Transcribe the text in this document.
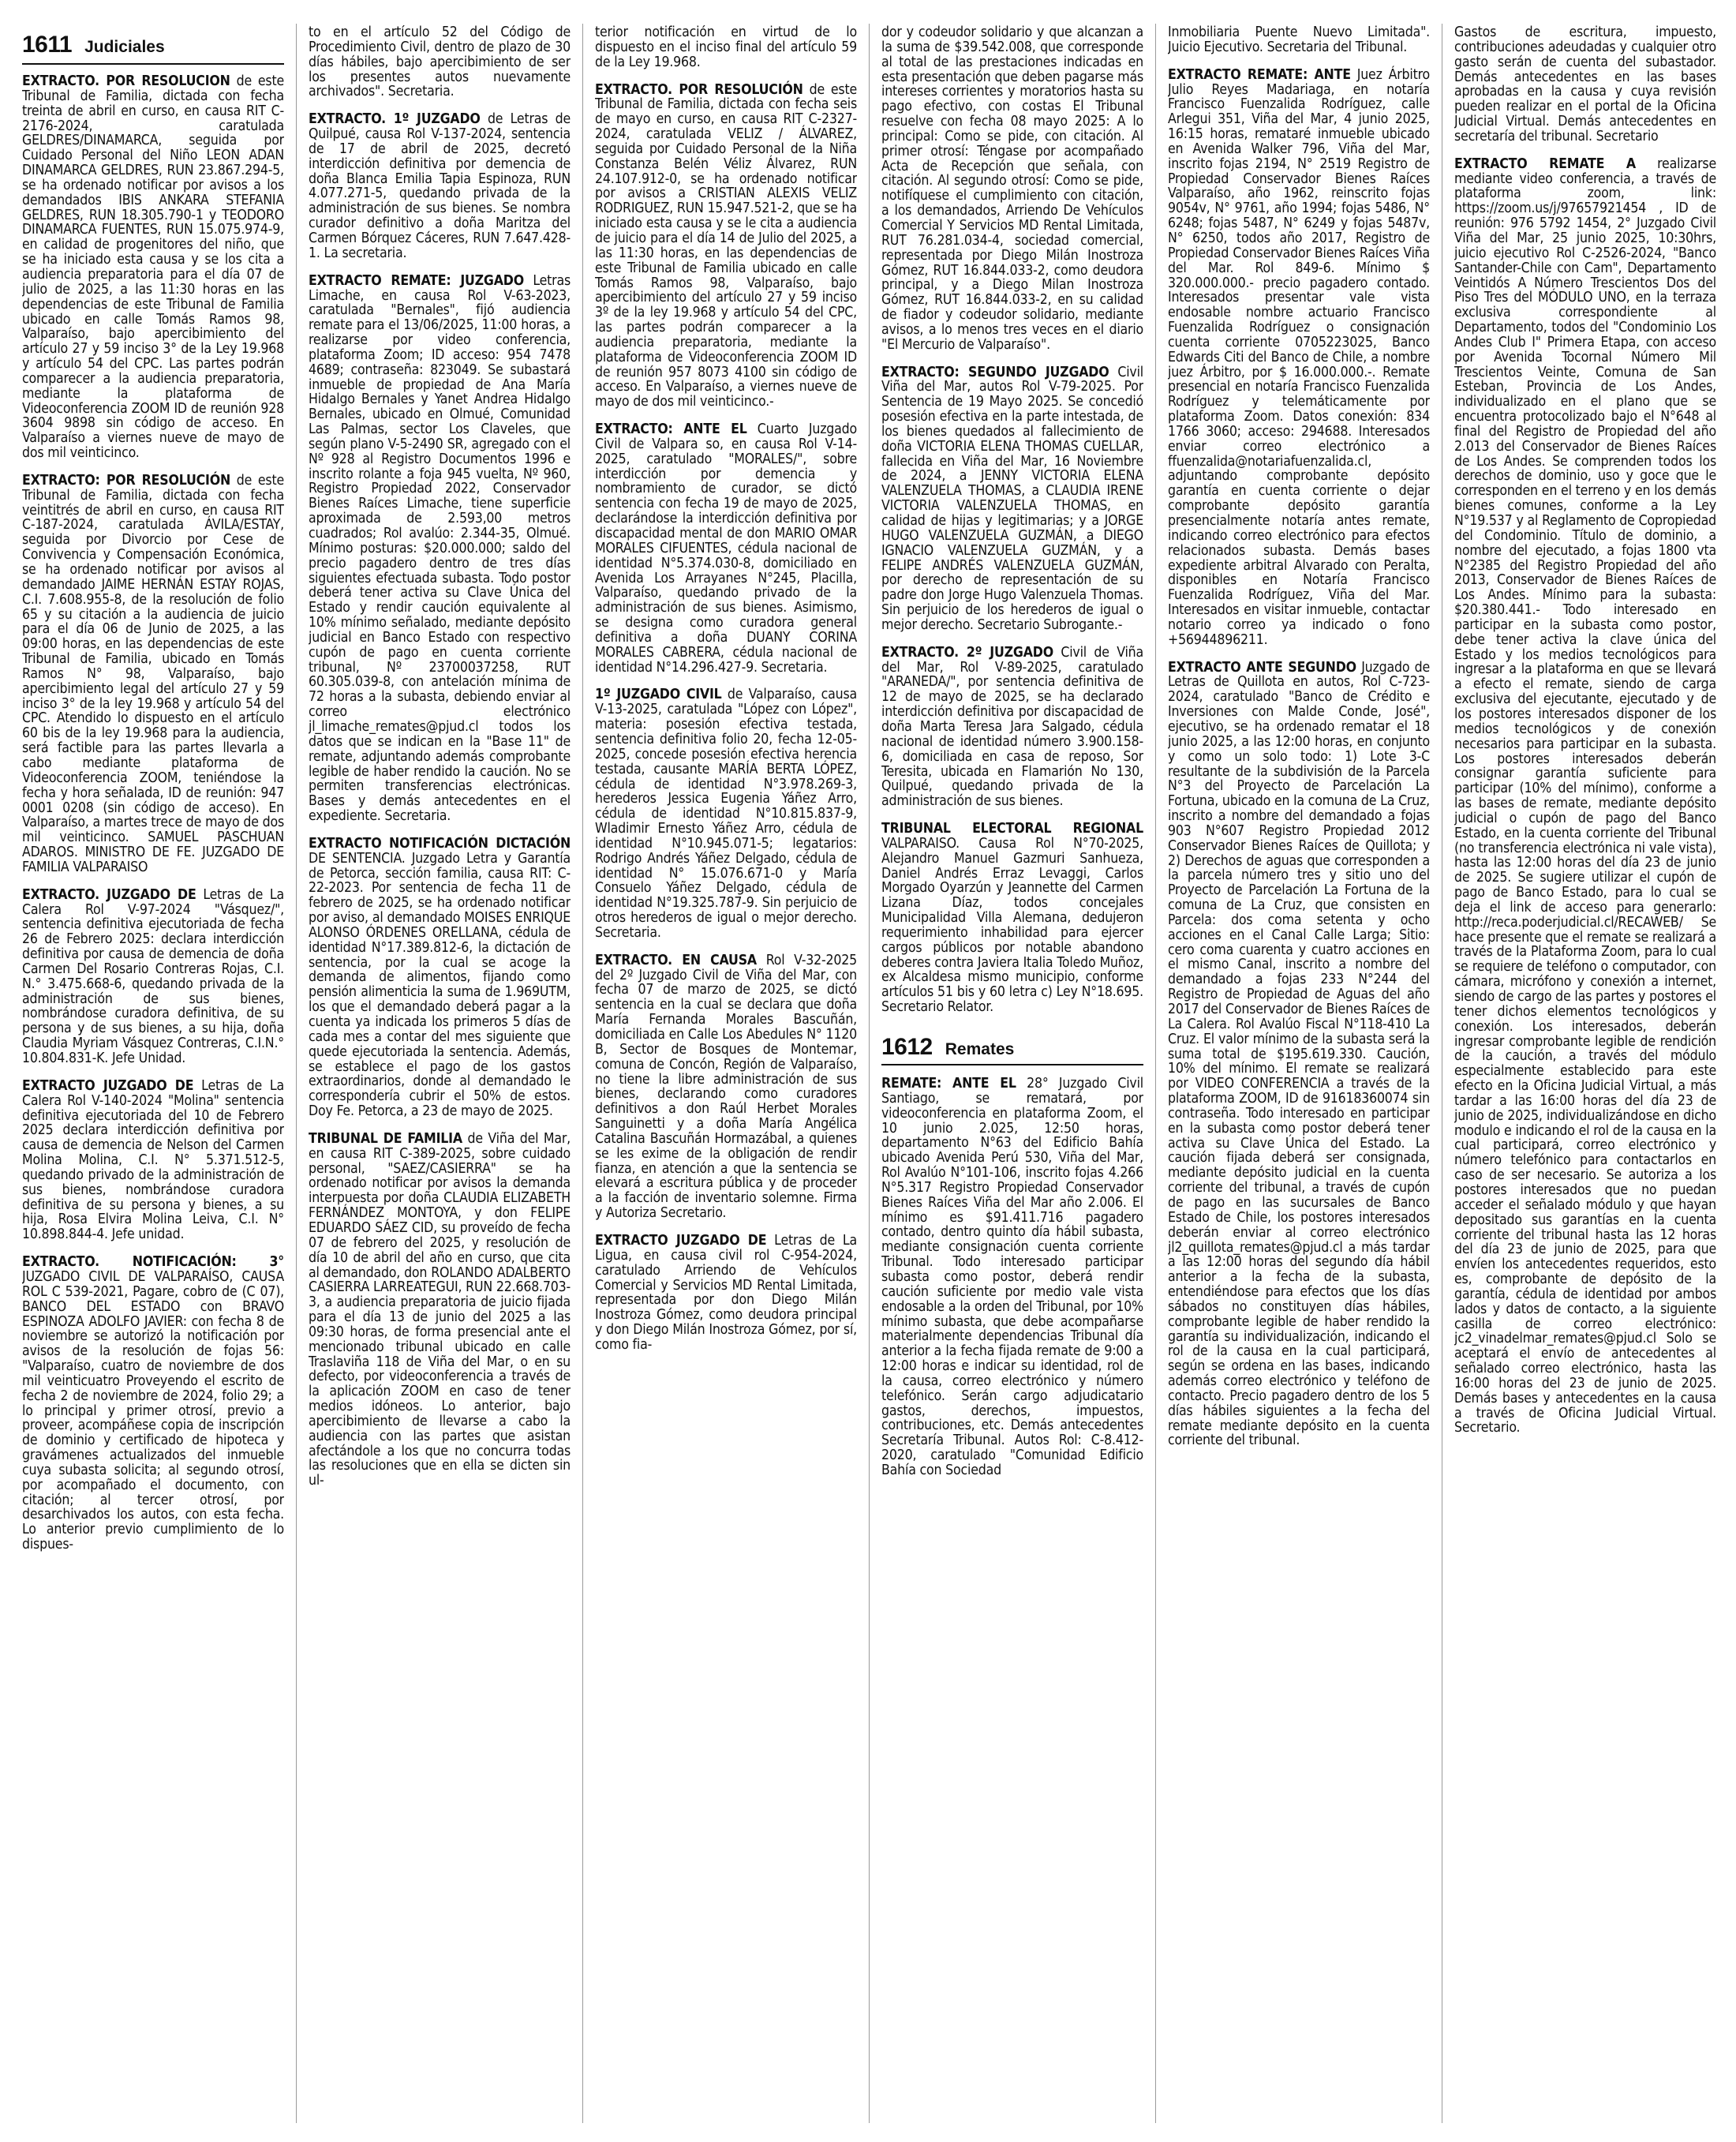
1611 Judiciales

EXTRACTO. POR RESOLUCIÓN de este Tribunal de Familia, dictada con fecha treinta de abril en curso, en causa RIT C-2176-2024, caratulada GELDRES/DINAMARCA, seguida por Cuidado Personal del Niño LEON ADAN DINAMARCA GELDRES, RUN 23.867.294-5, se ha ordenado notificar por avisos a los demandados IBIS ANKARA STEFANIA GELDRES, RUN 18.305.790-1 y TEODORO DINAMARCA FUENTES, RUN 15.075.974-9, en calidad de progenitores del niño, que se ha iniciado esta causa y se los cita a audiencia preparatoria para el día 07 de julio de 2025, a las 11:30 horas en las dependencias de este Tribunal de Familia ubicado en calle Tomás Ramos 98, Valparaíso, bajo apercibimiento del artículo 27 y 59 inciso 3° de la Ley 19.968 y artículo 54 del CPC. Las partes podrán comparecer a la audiencia preparatoria, mediante la plataforma de Videoconferencia ZOOM ID de reunión 928 3604 9898 sin código de acceso. En Valparaíso a viernes nueve de mayo de dos mil veinticinco.

EXTRACTO: POR RESOLUCIÓN de este Tribunal de Familia, dictada con fecha veintitrés de abril en curso, en causa RIT C-187-2024, caratulada ÁVILA/ESTAY, seguida por Divorcio por Cese de Convivencia y Compensación Económica, se ha ordenado notificar por avisos al demandado JAIME HERNÁN ESTAY ROJAS, C.I. 7.608.955-8, de la resolución de folio 65 y su citación a la audiencia de juicio para el día 06 de Junio de 2025, a las 09:00 horas, en las dependencias de este Tribunal de Familia, ubicado en Tomás Ramos N° 98, Valparaíso, bajo apercibimiento legal del artículo 27 y 59 inciso 3° de la ley 19.968 y artículo 54 del CPC. Atendido lo dispuesto en el artículo 60 bis de la ley 19.968 para la audiencia, será factible para las partes llevarla a cabo mediante plataforma de Videoconferencia ZOOM, teniéndose la fecha y hora señalada, ID de reunión: 947 0001 0208 (sin código de acceso). En Valparaíso, a martes trece de mayo de dos mil veinticinco. SAMUEL PASCHUAN ADAROS. MINISTRO DE FE. JUZGADO DE FAMILIA VALPARAISO

EXTRACTO. JUZGADO DE Letras de La Calera Rol V-97-2024 "Vásquez/", sentencia definitiva ejecutoriada de fecha 26 de Febrero 2025: declara interdicción definitiva por causa de demencia de doña Carmen Del Rosario Contreras Rojas, C.I. N.° 3.475.668-6, quedando privada de la administración de sus bienes, nombrándose curadora definitiva, de su persona y de sus bienes, a su hija, doña Claudia Myriam Vásquez Contreras, C.I.N.° 10.804.831-K. Jefe Unidad.

EXTRACTO JUZGADO DE Letras de La Calera Rol V-140-2024 "Molina" sentencia definitiva ejecutoriada del 10 de Febrero 2025 declara interdicción definitiva por causa de demencia de Nelson del Carmen Molina Molina, C.I. N° 5.371.512-5, quedando privado de la administración de sus bienes, nombrándose curadora definitiva de su persona y bienes, a su hija, Rosa Elvira Molina Leiva, C.I. N° 10.898.844-4. Jefe unidad.

EXTRACTO. NOTIFICACIÓN: 3° JUZGADO CIVIL DE VALPARAÍSO, CAUSA ROL C 539-2021, Pagare, cobro de (C 07), BANCO DEL ESTADO con BRAVO ESPINOZA ADOLFO JAVIER: con fecha 8 de noviembre se autorizó la notificación por avisos de la resolución de fojas 56: "Valparaíso, cuatro de noviembre de dos mil veinticuatro Proveyendo el escrito de fecha 2 de noviembre de 2024, folio 29; a lo principal y primer otrosí, previo a proveer, acompáñese copia de inscripción de dominio y certificado de hipoteca y gravámenes actualizados del inmueble cuya subasta solicita; al segundo otrosí, por acompañado el documento, con citación; al tercer otrosí, por desarchivados los autos, con esta fecha. Lo anterior previo cumplimiento de lo dispues-

to en el artículo 52 del Código de Procedimiento Civil, dentro de plazo de 30 días hábiles, bajo apercibimiento de ser los presentes autos nuevamente archivados". Secretaria.

EXTRACTO. 1º JUZGADO de Letras de Quilpué, causa Rol V-137-2024, sentencia de 17 de abril de 2025, decretó interdicción definitiva por demencia de doña Blanca Emilia Tapia Espinoza, RUN 4.077.271-5, quedando privada de la administración de sus bienes. Se nombra curador definitivo a doña Maritza del Carmen Bórquez Cáceres, RUN 7.647.428-1. La secretaria.

EXTRACTO REMATE: JUZGADO Letras Limache, en causa Rol V-63-2023, caratulada "Bernales", fijó audiencia remate para el 13/06/2025, 11:00 horas, a realizarse por video conferencia, plataforma Zoom; ID acceso: 954 7478 4689; contraseña: 823049. Se subastará inmueble de propiedad de Ana María Hidalgo Bernales y Yanet Andrea Hidalgo Bernales, ubicado en Olmué, Comunidad Las Palmas, sector Los Claveles, que según plano V-5-2490 SR, agregado con el Nº 928 al Registro Documentos 1996 e inscrito rolante a foja 945 vuelta, Nº 960, Registro Propiedad 2022, Conservador Bienes Raíces Limache, tiene superficie aproximada de 2.593,00 metros cuadrados; Rol avalúo: 2.344-35, Olmué. Mínimo posturas: $20.000.000; saldo del precio pagadero dentro de tres días siguientes efectuada subasta. Todo postor deberá tener activa su Clave Única del Estado y rendir caución equivalente al 10% mínimo señalado, mediante depósito judicial en Banco Estado con respectivo cupón de pago en cuenta corriente tribunal, Nº 23700037258, RUT 60.305.039-8, con antelación mínima de 72 horas a la subasta, debiendo enviar al correo electrónico jl_limache_remates@pjud.cl todos los datos que se indican en la "Base 11" de remate, adjuntando además comprobante legible de haber rendido la caución. No se permiten transferencias electrónicas. Bases y demás antecedentes en el expediente. Secretaria.

EXTRACTO NOTIFICACIÓN DICTACIÓN DE SENTENCIA. Juzgado Letra y Garantía de Petorca, sección familia, causa RIT: C-22-2023. Por sentencia de fecha 11 de febrero de 2025, se ha ordenado notificar por aviso, al demandado MOISES ENRIQUE ALONSO ÓRDENES ORELLANA, cédula de identidad N°17.389.812-6, la dictación de sentencia, por la cual se acoge la demanda de alimentos, fijando como pensión alimenticia la suma de 1.969UTM, los que el demandado deberá pagar a la cuenta ya indicada los primeros 5 días de cada mes a contar del mes siguiente que quede ejecutoriada la sentencia. Además, se establece el pago de los gastos extraordinarios, donde al demandado le correspondería cubrir el 50% de estos. Doy Fe. Petorca, a 23 de mayo de 2025.

TRIBUNAL DE FAMILIA de Viña del Mar, en causa RIT C-389-2025, sobre cuidado personal, "SAEZ/CASIERRA" se ha ordenado notificar por avisos la demanda interpuesta por doña CLAUDIA ELIZABETH FERNÁNDEZ MONTOYA, y don FELIPE EDUARDO SÁEZ CID, su proveído de fecha 07 de febrero del 2025, y resolución de día 10 de abril del año en curso, que cita al demandado, don ROLANDO ADALBERTO CASIERRA LARREATEGUI, RUN 22.668.703-3, a audiencia preparatoria de juicio fijada para el día 13 de junio del 2025 a las 09:30 horas, de forma presencial ante el mencionado tribunal ubicado en calle Traslaviña 118 de Viña del Mar, o en su defecto, por videoconferencia a través de la aplicación ZOOM en caso de tener medios idóneos. Lo anterior, bajo apercibimiento de llevarse a cabo la audiencia con las partes que asistan afectándole a los que no concurra todas las resoluciones que en ella se dicten sin ul-

terior notificación en virtud de lo dispuesto en el inciso final del artículo 59 de la Ley 19.968.

EXTRACTO. POR RESOLUCIÓN de este Tribunal de Familia, dictada con fecha seis de mayo en curso, en causa RIT C-2327-2024, caratulada VELIZ / ÁLVAREZ, seguida por Cuidado Personal de la Niña Constanza Belén Véliz Álvarez, RUN 24.107.912-0, se ha ordenado notificar por avisos a CRISTIAN ALEXIS VELIZ RODRIGUEZ, RUN 15.947.521-2, que se ha iniciado esta causa y se le cita a audiencia de juicio para el día 14 de Julio del 2025, a las 11:30 horas, en las dependencias de este Tribunal de Familia ubicado en calle Tomás Ramos 98, Valparaíso, bajo apercibimiento del artículo 27 y 59 inciso 3º de la ley 19.968 y artículo 54 del CPC, las partes podrán comparecer a la audiencia preparatoria, mediante la plataforma de Videoconferencia ZOOM ID de reunión 957 8073 4100 sin código de acceso. En Valparaíso, a viernes nueve de mayo de dos mil veinticinco.-

EXTRACTO: ANTE EL Cuarto Juzgado Civil de Valpara so, en causa Rol V-14-2025, caratulado "MORALES/", sobre interdicción por demencia y nombramiento de curador, se dictó sentencia con fecha 19 de mayo de 2025, declarándose la interdicción definitiva por discapacidad mental de don MARIO OMAR MORALES CIFUENTES, cédula nacional de identidad N°5.374.030-8, domiciliado en Avenida Los Arrayanes N°245, Placilla, Valparaíso, quedando privado de la administración de sus bienes. Asimismo, se designa como curadora general definitiva a doña DUANY CORINA MORALES CABRERA, cédula nacional de identidad N°14.296.427-9. Secretaria.

1º JUZGADO CIVIL de Valparaíso, causa V-13-2025, caratulada "López con López", materia: posesión efectiva testada, sentencia definitiva folio 20, fecha 12-05-2025, concede posesión efectiva herencia testada, causante MARÍA BERTA LÓPEZ, cédula de identidad N°3.978.269-3, herederos Jessica Eugenia Yáñez Arro, cédula de identidad N°10.815.837-9, Wladimir Ernesto Yáñez Arro, cédula de identidad N°10.945.071-5; legatarios: Rodrigo Andrés Yáñez Delgado, cédula de identidad N° 15.076.671-0 y María Consuelo Yáñez Delgado, cédula de identidad N°19.325.787-9. Sin perjuicio de otros herederos de igual o mejor derecho. Secretaria.

EXTRACTO. EN CAUSA Rol V-32-2025 del 2º Juzgado Civil de Viña del Mar, con fecha 07 de marzo de 2025, se dictó sentencia en la cual se declara que doña María Fernanda Morales Bascuñán, domiciliada en Calle Los Abedules N° 1120 B, Sector de Bosques de Montemar, comuna de Concón, Región de Valparaíso, no tiene la libre administración de sus bienes, declarando como curadores definitivos a don Raúl Herbet Morales Sanguinetti y a doña María Angélica Catalina Bascuñán Hormazábal, a quienes se les exime de la obligación de rendir fianza, en atención a que la sentencia se elevará a escritura pública y de proceder a la facción de inventario solemne. Firma y Autoriza Secretario.

EXTRACTO JUZGADO DE Letras de La Ligua, en causa civil rol C-954-2024, caratulado Arriendo de Vehículos Comercial y Servicios MD Rental Limitada, representada por don Diego Milán Inostroza Gómez, como deudora principal y don Diego Milán Inostroza Gómez, por sí, como fia-

dor y codeudor solidario y que alcanzan a la suma de $39.542.008, que corresponde al total de las prestaciones indicadas en esta presentación que deben pagarse más intereses corrientes y moratorios hasta su pago efectivo, con costas El Tribunal resuelve con fecha 08 mayo 2025: A lo principal: Como se pide, con citación. Al primer otrosí: Téngase por acompañado Acta de Recepción que señala, con citación. Al segundo otrosí: Como se pide, notifíquese el cumplimiento con citación, a los demandados, Arriendo De Vehículos Comercial Y Servicios MD Rental Limitada, RUT 76.281.034-4, sociedad comercial, representada por Diego Milán Inostroza Gómez, RUT 16.844.033-2, como deudora principal, y a Diego Milan Inostroza Gómez, RUT 16.844.033-2, en su calidad de fiador y codeudor solidario, mediante avisos, a lo menos tres veces en el diario "El Mercurio de Valparaíso".

EXTRACTO: SEGUNDO JUZGADO Civil Viña del Mar, autos Rol V-79-2025. Por Sentencia de 19 Mayo 2025. Se concedió posesión efectiva en la parte intestada, de los bienes quedados al fallecimiento de doña VICTORIA ELENA THOMAS CUELLAR, fallecida en Viña del Mar, 16 Noviembre de 2024, a JENNY VICTORIA ELENA VALENZUELA THOMAS, a CLAUDIA IRENE VICTORIA VALENZUELA THOMAS, en calidad de hijas y legitimarias; y a JORGE HUGO VALENZUELA GUZMÁN, a DIEGO IGNACIO VALENZUELA GUZMÁN, y a FELIPE ANDRÉS VALENZUELA GUZMÁN, por derecho de representación de su padre don Jorge Hugo Valenzuela Thomas. Sin perjuicio de los herederos de igual o mejor derecho. Secretario Subrogante.-

EXTRACTO. 2º JUZGADO Civil de Viña del Mar, Rol V-89-2025, caratulado "ARANEDA/", por sentencia definitiva de 12 de mayo de 2025, se ha declarado interdicción definitiva por discapacidad de doña Marta Teresa Jara Salgado, cédula nacional de identidad número 3.900.158-6, domiciliada en casa de reposo, Sor Teresita, ubicada en Flamarión No 130, Quilpué, quedando privada de la administración de sus bienes.

TRIBUNAL ELECTORAL REGIONAL VALPARAISO. Causa Rol N°70-2025, Alejandro Manuel Gazmuri Sanhueza, Daniel Andrés Erraz Levaggi, Carlos Morgado Oyarzún y Jeannette del Carmen Lizana Díaz, todos concejales Municipalidad Villa Alemana, dedujeron requerimiento inhabilidad para ejercer cargos públicos por notable abandono deberes contra Javiera Italia Toledo Muñoz, ex Alcaldesa mismo municipio, conforme artículos 51 bis y 60 letra c) Ley N°18.695. Secretario Relator.

1612 Remates

REMATE: ANTE EL 28° Juzgado Civil Santiago, se rematará, por videoconferencia en plataforma Zoom, el 10 junio 2.025, 12:50 horas, departamento N°63 del Edificio Bahía ubicado Avenida Perú 530, Viña del Mar, Rol Avalúo N°101-106, inscrito fojas 4.266 N°5.317 Registro Propiedad Conservador Bienes Raíces Viña del Mar año 2.006. El mínimo es $91.411.716 pagadero contado, dentro quinto día hábil subasta, mediante consignación cuenta corriente Tribunal. Todo interesado participar subasta como postor, deberá rendir caución suficiente por medio vale vista endosable a la orden del Tribunal, por 10% mínimo subasta, que debe acompañarse materialmente dependencias Tribunal día anterior a la fecha fijada remate de 9:00 a 12:00 horas e indicar su identidad, rol de la causa, correo electrónico y número telefónico. Serán cargo adjudicatario gastos, derechos, impuestos, contribuciones, etc. Demás antecedentes Secretaría Tribunal. Autos Rol: C-8.412-2020, caratulado "Comunidad Edificio Bahía con Sociedad

Inmobiliaria Puente Nuevo Limitada". Juicio Ejecutivo. Secretaria del Tribunal.

EXTRACTO REMATE: ANTE Juez Árbitro Julio Reyes Madariaga, en notaría Francisco Fuenzalida Rodríguez, calle Arlegui 351, Viña del Mar, 4 junio 2025, 16:15 horas, remataré inmueble ubicado en Avenida Walker 796, Viña del Mar, inscrito fojas 2194, N° 2519 Registro de Propiedad Conservador Bienes Raíces Valparaíso, año 1962, reinscrito fojas 9054v, N° 9761, año 1994; fojas 5486, N° 6248; fojas 5487, N° 6249 y fojas 5487v, N° 6250, todos año 2017, Registro de Propiedad Conservador Bienes Raíces Viña del Mar. Rol 849-6. Mínimo $ 320.000.000.- precio pagadero contado. Interesados presentar vale vista endosable nombre actuario Francisco Fuenzalida Rodríguez o consignación cuenta corriente 0705223025, Banco Edwards Citi del Banco de Chile, a nombre juez Árbitro, por $ 16.000.000.-. Remate presencial en notaría Francisco Fuenzalida Rodríguez y telemáticamente por plataforma Zoom. Datos conexión: 834 1766 3060; acceso: 294688. Interesados enviar correo electrónico a ffuenzalida@notariafuenzalida.cl, adjuntando comprobante depósito garantía en cuenta corriente o dejar comprobante depósito garantía presencialmente notaría antes remate, indicando correo electrónico para efectos relacionados subasta. Demás bases expediente arbitral Alvarado con Peralta, disponibles en Notaría Francisco Fuenzalida Rodríguez, Viña del Mar. Interesados en visitar inmueble, contactar notario correo ya indicado o fono +56944896211.

EXTRACTO ANTE SEGUNDO Juzgado de Letras de Quillota en autos, Rol C-723-2024, caratulado "Banco de Crédito e Inversiones con Malde Conde, José", ejecutivo, se ha ordenado rematar el 18 junio 2025, a las 12:00 horas, en conjunto y como un solo todo: 1) Lote 3-C resultante de la subdivisión de la Parcela N°3 del Proyecto de Parcelación La Fortuna, ubicado en la comuna de La Cruz, inscrito a nombre del demandado a fojas 903 N°607 Registro Propiedad 2012 Conservador Bienes Raíces de Quillota; y 2) Derechos de aguas que corresponden a la parcela número tres y sitio uno del Proyecto de Parcelación La Fortuna de la comuna de La Cruz, que consisten en Parcela: dos coma setenta y ocho acciones en el Canal Calle Larga; Sitio: cero coma cuarenta y cuatro acciones en el mismo Canal, inscrito a nombre del demandado a fojas 233 N°244 del Registro de Propiedad de Aguas del año 2017 del Conservador de Bienes Raíces de La Calera. Rol Avalúo Fiscal N°118-410 La Cruz. El valor mínimo de la subasta será la suma total de $195.619.330. Caución, 10% del mínimo. El remate se realizará por VIDEO CONFERENCIA a través de la plataforma ZOOM, ID de 91618360074 sin contraseña. Todo interesado en participar en la subasta como postor deberá tener activa su Clave Única del Estado. La caución fijada deberá ser consignada, mediante depósito judicial en la cuenta corriente del tribunal, a través de cupón de pago en las sucursales de Banco Estado de Chile, los postores interesados deberán enviar al correo electrónico jl2_quillota_remates@pjud.cl a más tardar a las 12:00 horas del segundo día hábil anterior a la fecha de la subasta, entendiéndose para efectos que los días sábados no constituyen días hábiles, comprobante legible de haber rendido la garantía su individualización, indicando el rol de la causa en la cual participará, según se ordena en las bases, indicando además correo electrónico y teléfono de contacto. Precio pagadero dentro de los 5 días hábiles siguientes a la fecha del remate mediante depósito en la cuenta corriente del tribunal.

Gastos de escritura, impuesto, contribuciones adeudadas y cualquier otro gasto serán de cuenta del subastador. Demás antecedentes en las bases aprobadas en la causa y cuya revisión pueden realizar en el portal de la Oficina Judicial Virtual. Demás antecedentes en secretaría del tribunal. Secretario

EXTRACTO REMATE A realizarse mediante video conferencia, a través de plataforma zoom, link: https://zoom.us/j/97657921454 , ID de reunión: 976 5792 1454, 2° Juzgado Civil Viña del Mar, 25 junio 2025, 10:30hrs, juicio ejecutivo Rol C-2526-2024, "Banco Santander-Chile con Cam", Departamento Veintidós A Número Trescientos Dos del Piso Tres del MÓDULO UNO, en la terraza exclusiva correspondiente al Departamento, todos del "Condominio Los Andes Club I" Primera Etapa, con acceso por Avenida Tocornal Número Mil Trescientos Veinte, Comuna de San Esteban, Provincia de Los Andes, individualizado en el plano que se encuentra protocolizado bajo el N°648 al final del Registro de Propiedad del año 2.013 del Conservador de Bienes Raíces de Los Andes. Se comprenden todos los derechos de dominio, uso y goce que le corresponden en el terreno y en los demás bienes comunes, conforme a la Ley N°19.537 y al Reglamento de Copropiedad del Condominio. Título de dominio, a nombre del ejecutado, a fojas 1800 vta N°2385 del Registro Propiedad del año 2013, Conservador de Bienes Raíces de Los Andes. Mínimo para la subasta: $20.380.441.- Todo interesado en participar en la subasta como postor, debe tener activa la clave única del Estado y los medios tecnológicos para ingresar a la plataforma en que se llevará a efecto el remate, siendo de carga exclusiva del ejecutante, ejecutado y de los postores interesados disponer de los medios tecnológicos y de conexión necesarios para participar en la subasta. Los postores interesados deberán consignar garantía suficiente para participar (10% del mínimo), conforme a las bases de remate, mediante depósito judicial o cupón de pago del Banco Estado, en la cuenta corriente del Tribunal (no transferencia electrónica ni vale vista), hasta las 12:00 horas del día 23 de junio de 2025. Se sugiere utilizar el cupón de pago de Banco Estado, para lo cual se deja el link de acceso para generarlo: http://reca.poderjudicial.cl/RECAWEB/ Se hace presente que el remate se realizará a través de la Plataforma Zoom, para lo cual se requiere de teléfono o computador, con cámara, micrófono y conexión a internet, siendo de cargo de las partes y postores el tener dichos elementos tecnológicos y conexión. Los interesados, deberán ingresar comprobante legible de rendición de la caución, a través del módulo especialmente establecido para este efecto en la Oficina Judicial Virtual, a más tardar a las 16:00 horas del día 23 de junio de 2025, individualizándose en dicho modulo e indicando el rol de la causa en la cual participará, correo electrónico y número telefónico para contactarlos en caso de ser necesario. Se autoriza a los postores interesados que no puedan acceder el señalado módulo y que hayan depositado sus garantías en la cuenta corriente del tribunal hasta las 12 horas del día 23 de junio de 2025, para que envíen los antecedentes requeridos, esto es, comprobante de depósito de la garantía, cédula de identidad por ambos lados y datos de contacto, a la siguiente casilla de correo electrónico: jc2_vinadelmar_remates@pjud.cl Solo se aceptará el envío de antecedentes al señalado correo electrónico, hasta las 16:00 horas del 23 de junio de 2025. Demás bases y antecedentes en la causa a través de Oficina Judicial Virtual. Secretario.
